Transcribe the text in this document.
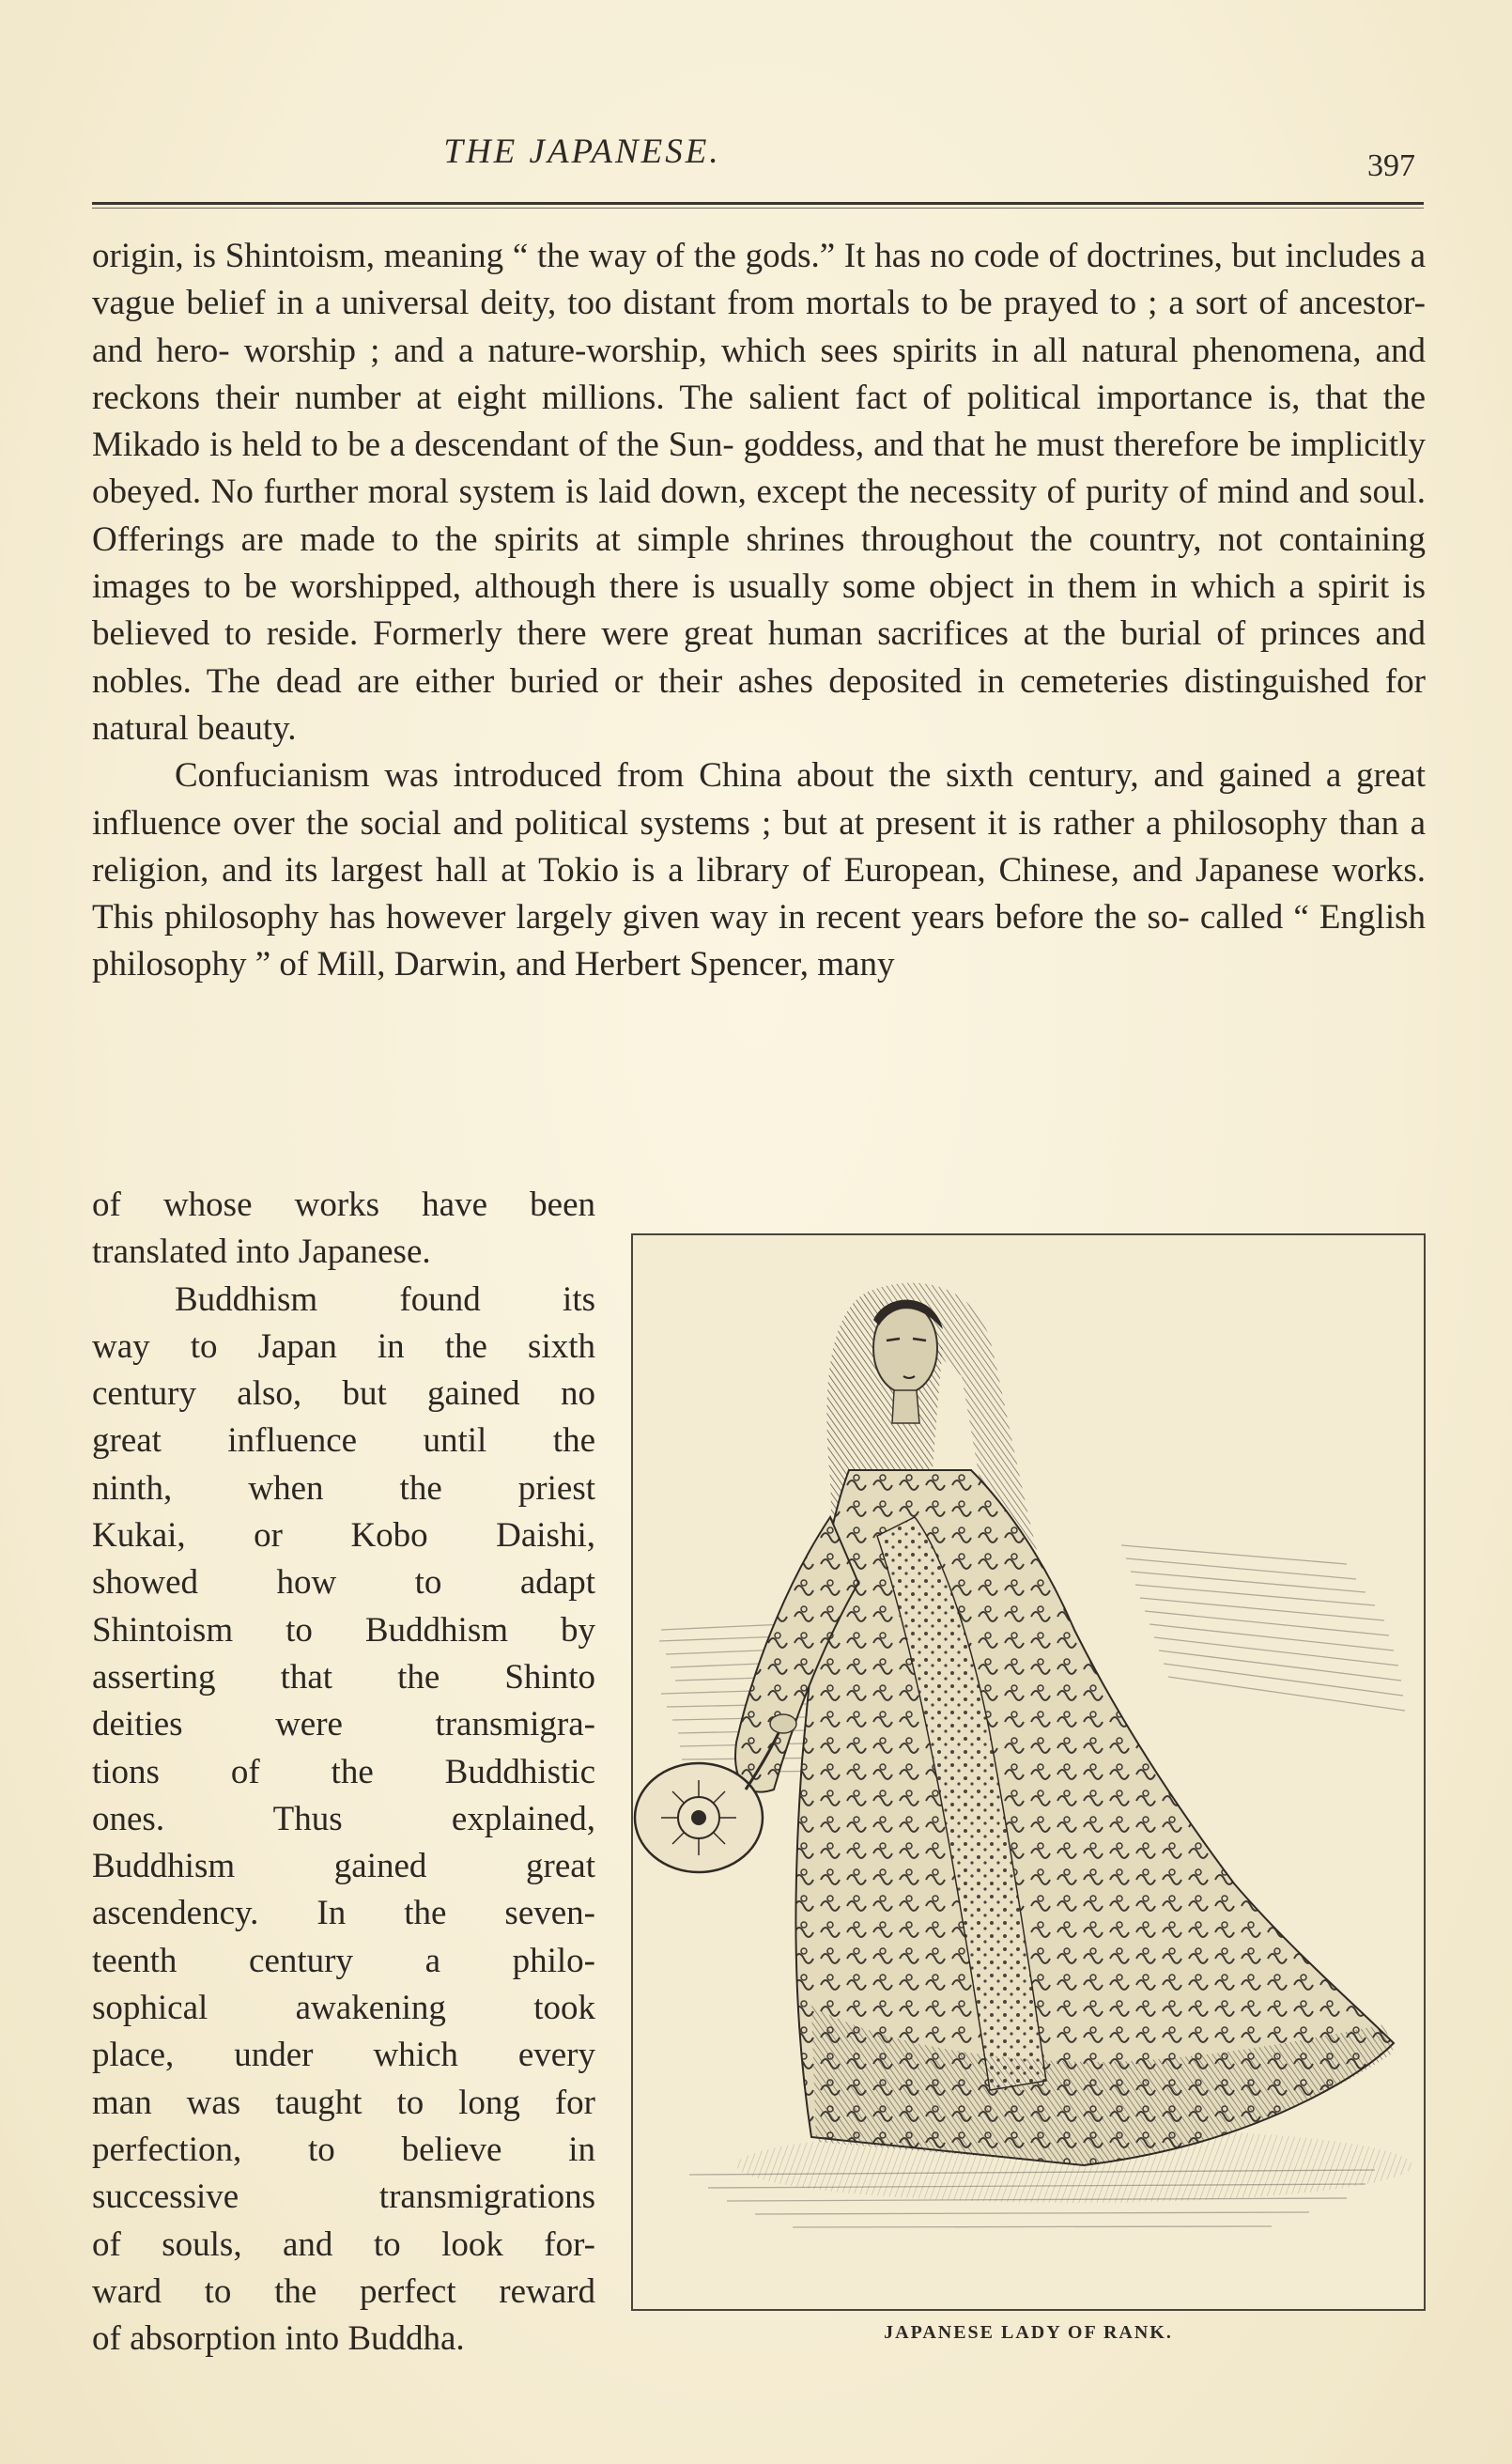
THE JAPANESE.	397

origin, is Shintoism, meaning “ the way of the gods.” It has no code of doctrines, but includes a vague belief in a universal deity, too distant from mortals to be prayed to ; a sort of ancestor- and hero- worship ; and a nature-worship, which sees spirits in all natural phenomena, and reckons their number at eight millions. The salient fact of political importance is, that the Mikado is held to be a descendant of the Sun- goddess, and that he must therefore be implicitly obeyed. No further moral system is laid down, except the necessity of purity of mind and soul. Offerings are made to the spirits at simple shrines throughout the country, not containing images to be worshipped, although there is usually some object in them in which a spirit is believed to reside. Formerly there were great human sacrifices at the burial of princes and nobles. The dead are either buried or their ashes deposited in cemeteries distinguished for natural beauty.

Confucianism was introduced from China about the sixth century, and gained a great influence over the social and political systems ; but at present it is rather a philosophy than a religion, and its largest hall at Tokio is a library of European, Chinese, and Japanese works. This philosophy has however largely given way in recent years before the so- called “ English philosophy ” of Mill, Darwin, and Herbert Spencer, many

of whose works have been
translated into Japanese.
Buddhism found its
way to Japan in the sixth
century also, but gained no
great influence until the
ninth, when the priest
Kukai, or Kobo Daishi,
showed how to adapt
Shintoism to Buddhism by
asserting that the Shinto
deities were transmigra-
tions of the Buddhistic
ones. Thus explained,
Buddhism gained great
ascendency. In the seven-
teenth century a philo-
sophical awakening took
place, under which every
man was taught to long for
perfection, to believe in
successive transmigrations
of souls, and to look for-
ward to the perfect reward
of absorption into Buddha.	JAPANESE LADY OF RANK.
